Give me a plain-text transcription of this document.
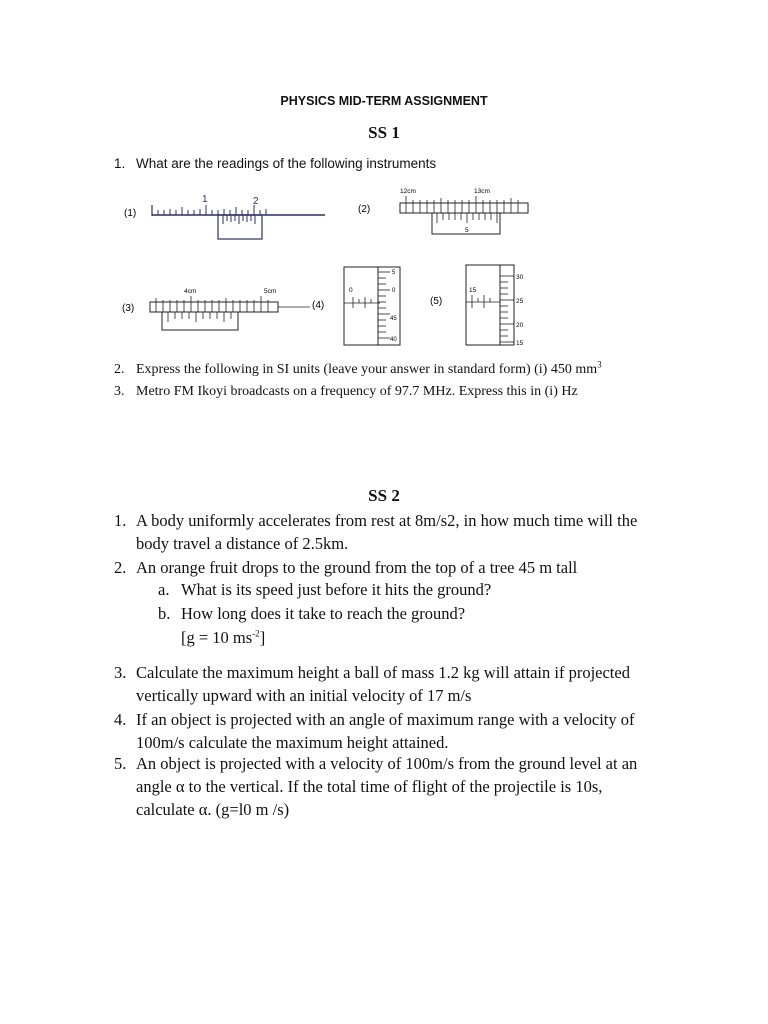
PHYSICS MID-TERM ASSIGNMENT
SS 1
1. What are the readings of the following instruments
(1)
1	2
(2)
12cm	13cm
5
(3)
4cm	5cm
(4)
0
5
0
45
40
(5)
15
30
25
20
15
2. Express the following in SI units (leave your answer in standard form) (i) 450 $mm^3$
3. Metro FM Ikoyi broadcasts on a frequency of 97.7 MHz. Express this in (i) Hz
SS 2
1. A body uniformly accelerates from rest at 8m/s2, in how much time will the
body travel a distance of 2.5km.
2. An orange fruit drops to the ground from the top of a tree 45 m tall
a. What is its speed just before it hits the ground?
b. How long does it take to reach the ground?
[g = 10 $ms^{-2}$]
3. Calculate the maximum height a ball of mass 1.2 kg will attain if projected
vertically upward with an initial velocity of 17 m/s
4. If an object is projected with an angle of maximum range with a velocity of
100m/s calculate the maximum height attained.
5. An object is projected with a velocity of 100m/s from the ground level at an
angle α to the vertical. If the total time of flight of the projectile is 10s,
calculate α. (g=l0 m /s)
